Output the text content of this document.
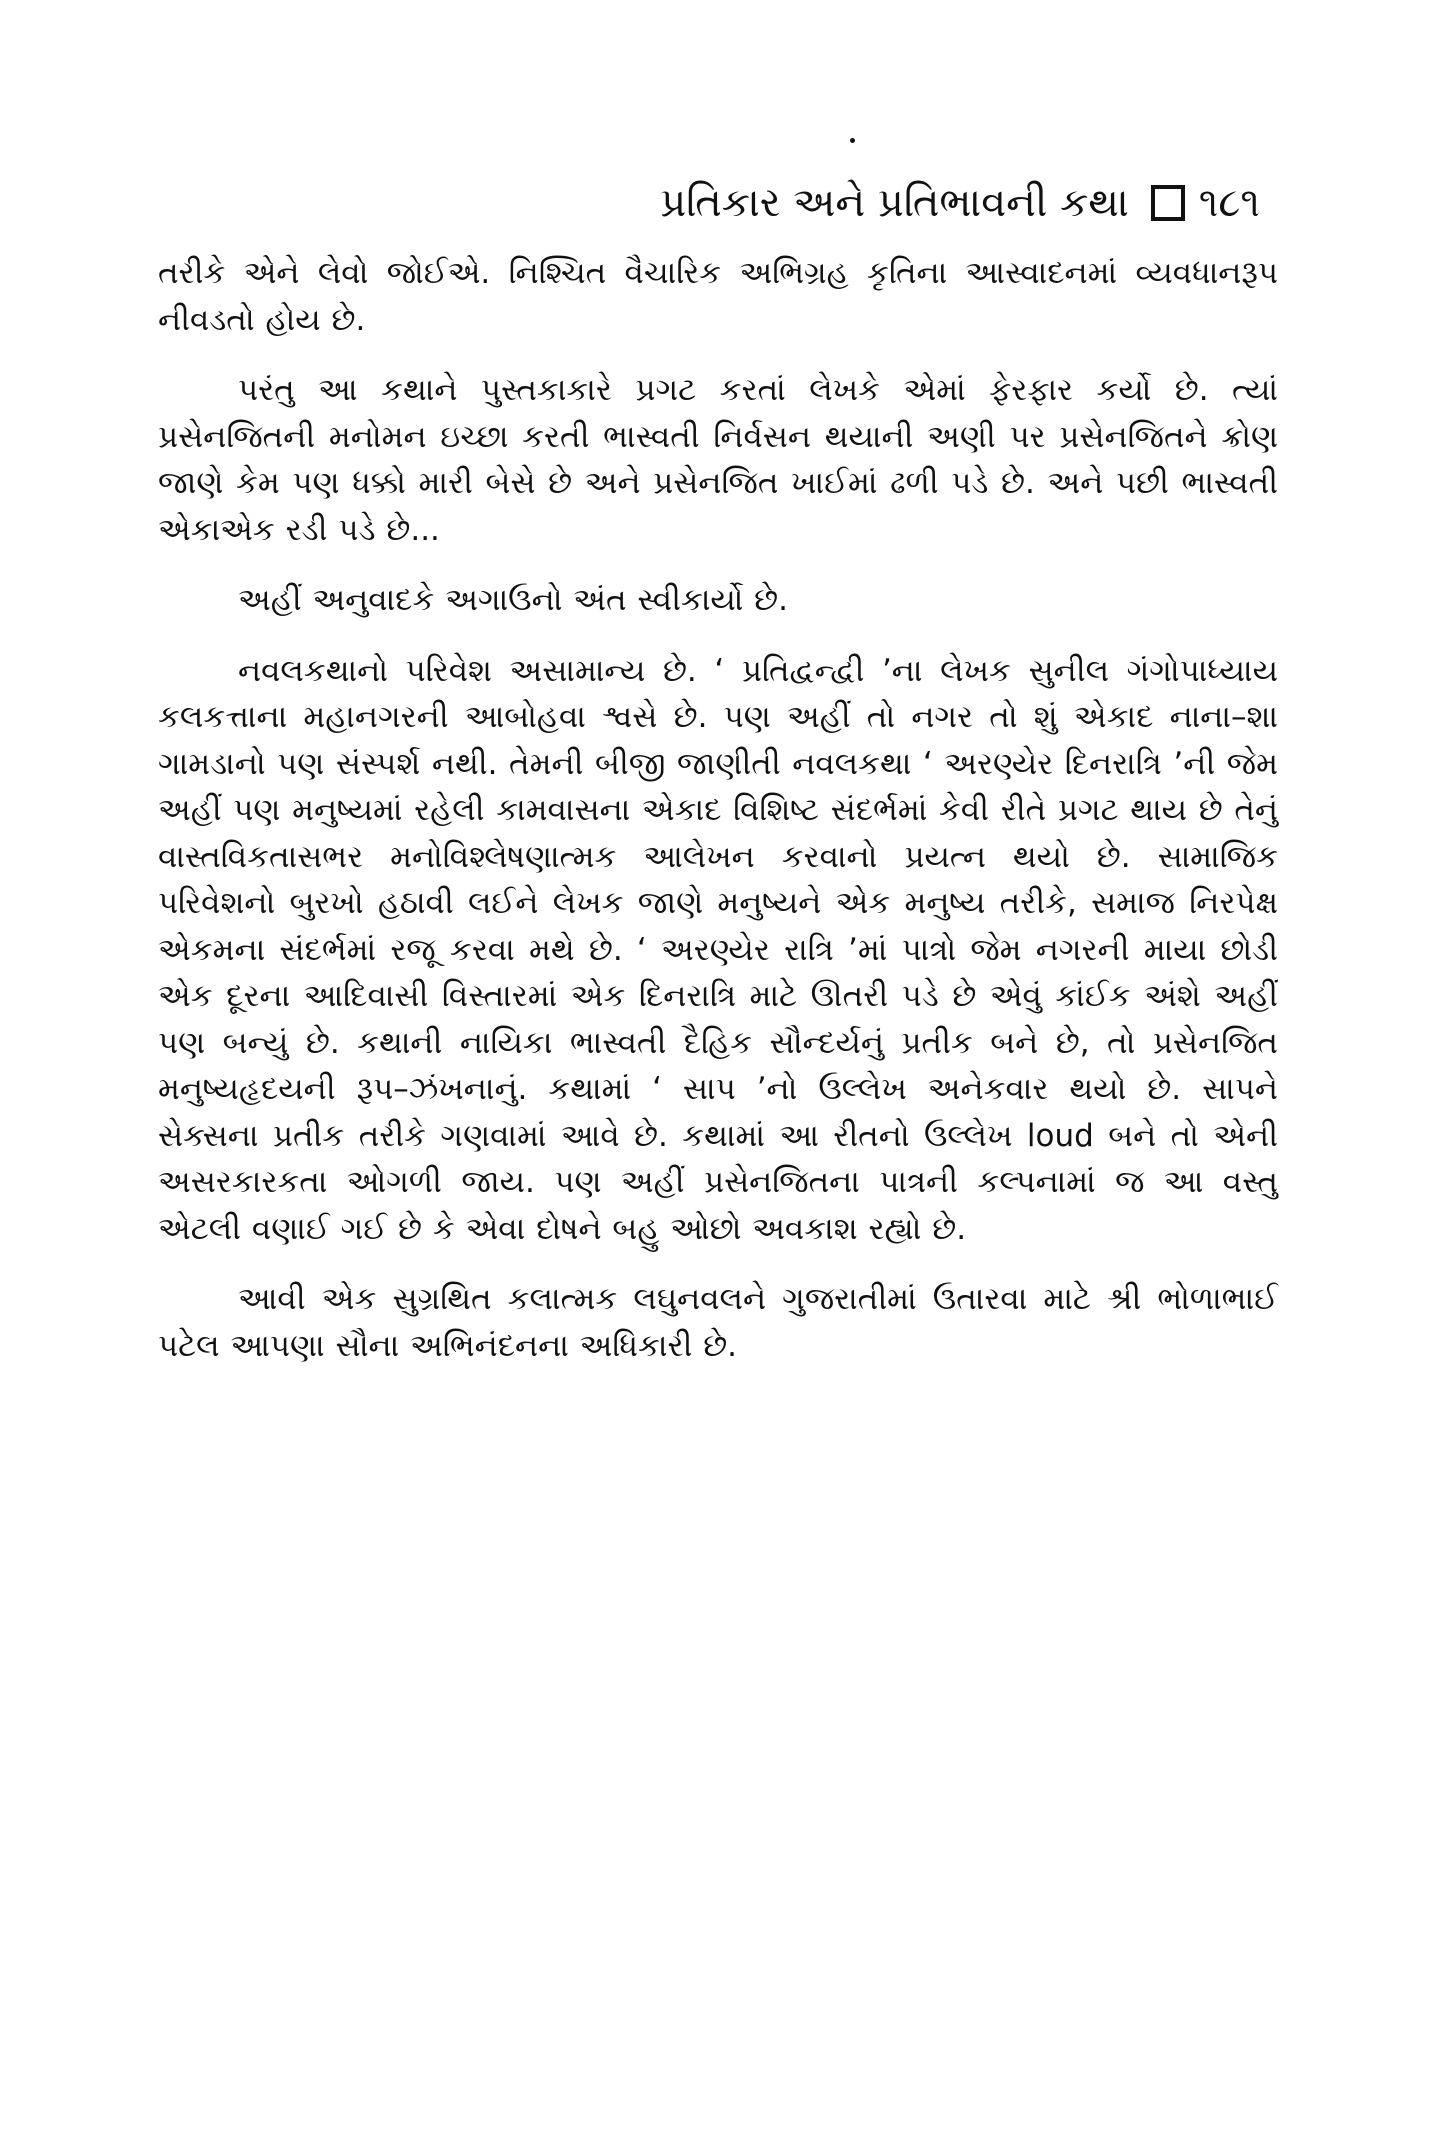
પ્રતિકાર અને પ્રતિભાવની કથા ૧૮૧

તરીકે એને લેવો જોઈએ. નિશ્ચિત વૈચારિક અભિગ્રહ કૃતિના આસ્વાદનમાં વ્યવધાનરૂપ નીવડતો હોય છે.

પરંતુ આ કથાને પુસ્તકાકારે પ્રગટ કરતાં લેખકે એમાં ફેરફાર કર્યો છે. ત્યાં પ્રસેનજિતની મનોમન ઇચ્છા કરતી ભાસ્વતી નિર્વસન થયાની અણી પર પ્રસેનજિતને ક્રોણ જાણે કેમ પણ ધક્કો મારી બેસે છે અને પ્રસેનજિત ખાઈમાં ઢળી પડે છે. અને પછી ભાસ્વતી એકાએક રડી પડે છે...

અહીં અનુવાદકે અગાઉનો અંત સ્વીકાર્યો છે.

નવલકથાનો પરિવેશ અસામાન્ય છે. ‘ પ્રતિદ્વન્દ્વી ’ના લેખક સુનીલ ગંગોપાધ્યાય કલકત્તાના મહાનગરની આબોહવા શ્વસે છે. પણ અહીં તો નગર તો શું એકાદ નાના–શા ગામડાનો પણ સંસ્પર્શ નથી. તેમની બીજી જાણીતી નવલકથા ‘ અરણ્યેર દિનરાત્રિ ’ની જેમ અહીં પણ મનુષ્યમાં રહેલી કામવાસના એકાદ વિશિષ્ટ સંદર્ભમાં કેવી રીતે પ્રગટ થાય છે તેનું વાસ્તવિકતાસભર મનોવિશ્લેષણાત્મક આલેખન કરવાનો પ્રયત્ન થયો છે. સામાજિક પરિવેશનો બુરખો હઠાવી લઈને લેખક જાણે મનુષ્યને એક મનુષ્ય તરીકે, સમાજ નિરપેક્ષ એકમના સંદર્ભમાં રજૂ કરવા મથે છે. ‘ અરણ્યેર રાત્રિ ’માં પાત્રો જેમ નગરની માયા છોડી એક દૂરના આદિવાસી વિસ્તારમાં એક દિનરાત્રિ માટે ઊતરી પડે છે એવું કાંઈક અંશે અહીં પણ બન્યું છે. કથાની નાયિકા ભાસ્વતી દૈહિક સૌન્દર્યનું પ્રતીક બને છે, તો પ્રસેનજિત મનુષ્યહૃદયની રૂપ–ઝંખનાનું. કથામાં ‘ સાપ ’નો ઉલ્લેખ અનેકવાર થયો છે. સાપને સેક્સના પ્રતીક તરીકે ગણવામાં આવે છે. કથામાં આ રીતનો ઉલ્લેખ loud બને તો એની અસરકારકતા ઓગળી જાય. પણ અહીં પ્રસેનજિતના પાત્રની કલ્પનામાં જ આ વસ્તુ એટલી વણાઈ ગઈ છે કે એવા દોષને બહુ ઓછો અવકાશ રહ્યો છે.

આવી એક સુગ્રથિત કલાત્મક લઘુનવલને ગુજરાતીમાં ઉતારવા માટે શ્રી ભોળાભાઈ પટેલ આપણા સૌના અભિનંદનના અધિકારી છે.
